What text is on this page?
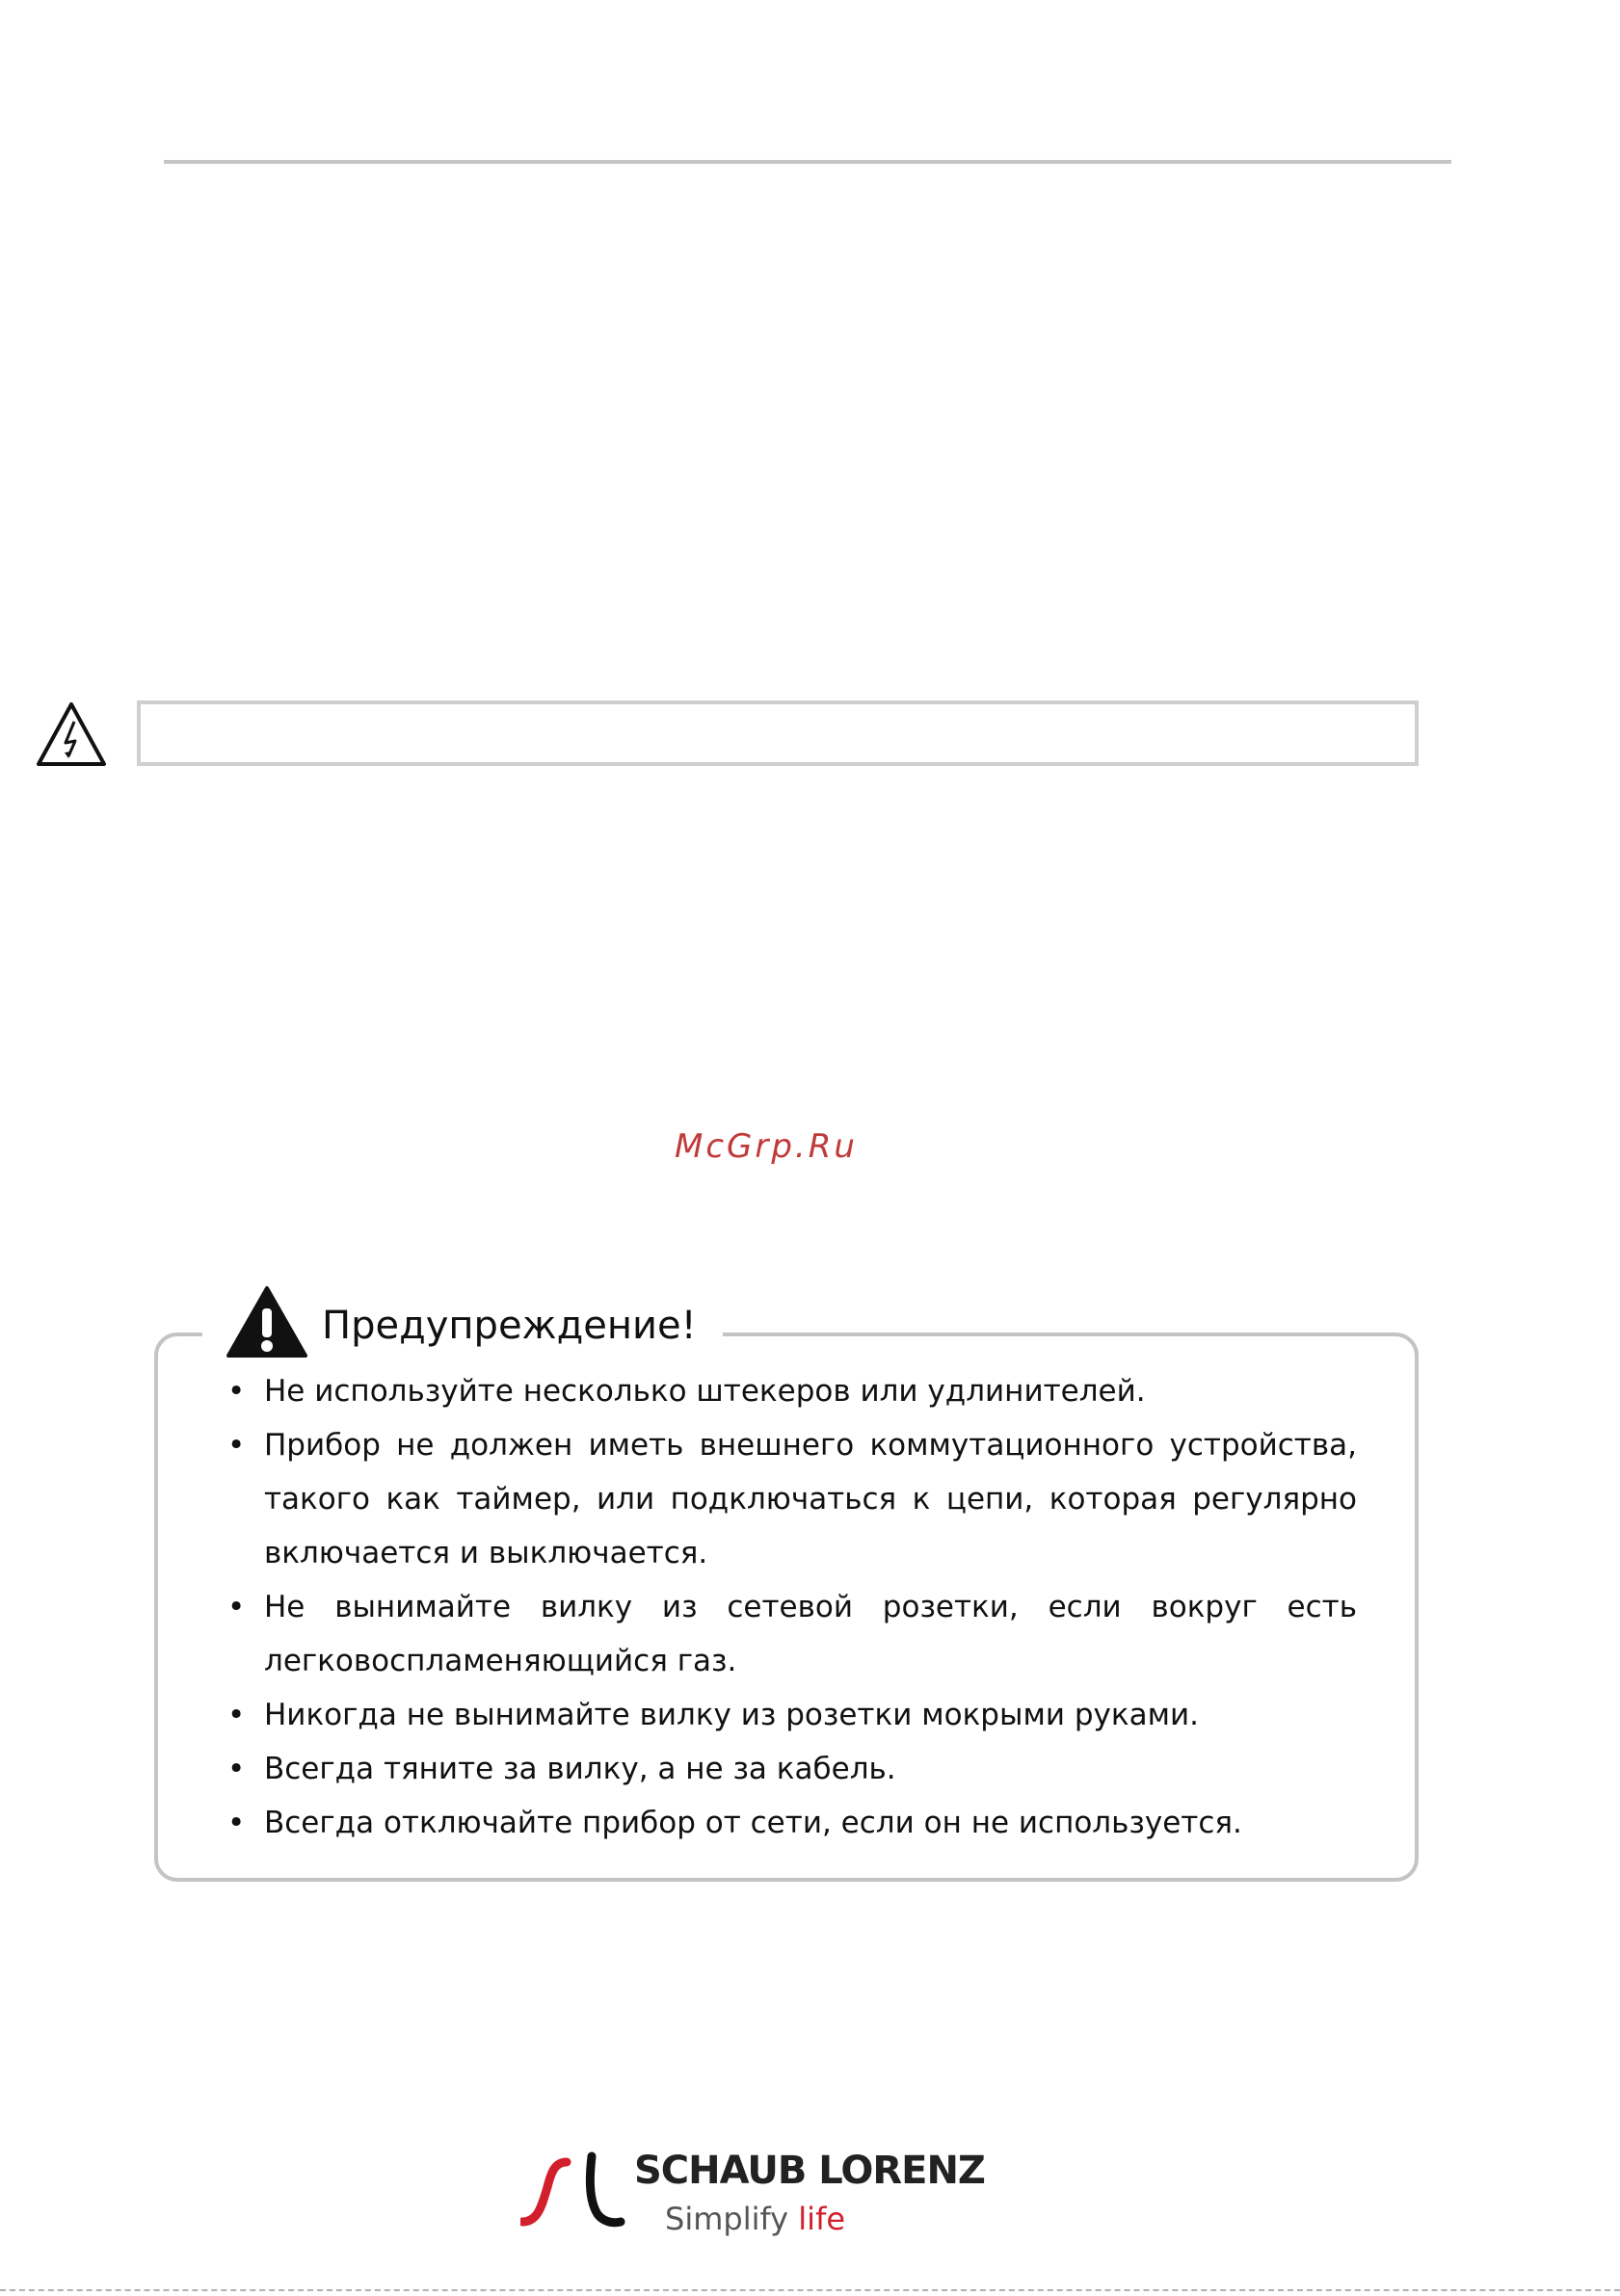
McGrp.Ru
Предупреждение!
• Не используйте несколько штекеров или удлинителей.
• Прибор не должен иметь внешнего коммутационного устройства, такого как таймер, или подключаться к цепи, которая регулярно включается и выключается.
• Не вынимайте вилку из сетевой розетки, если вокруг есть легковоспламеняющийся газ.
• Никогда не вынимайте вилку из розетки мокрыми руками.
• Всегда тяните за вилку, а не за кабель.
• Всегда отключайте прибор от сети, если он не используется.
SCHAUB LORENZ
Simplify life
